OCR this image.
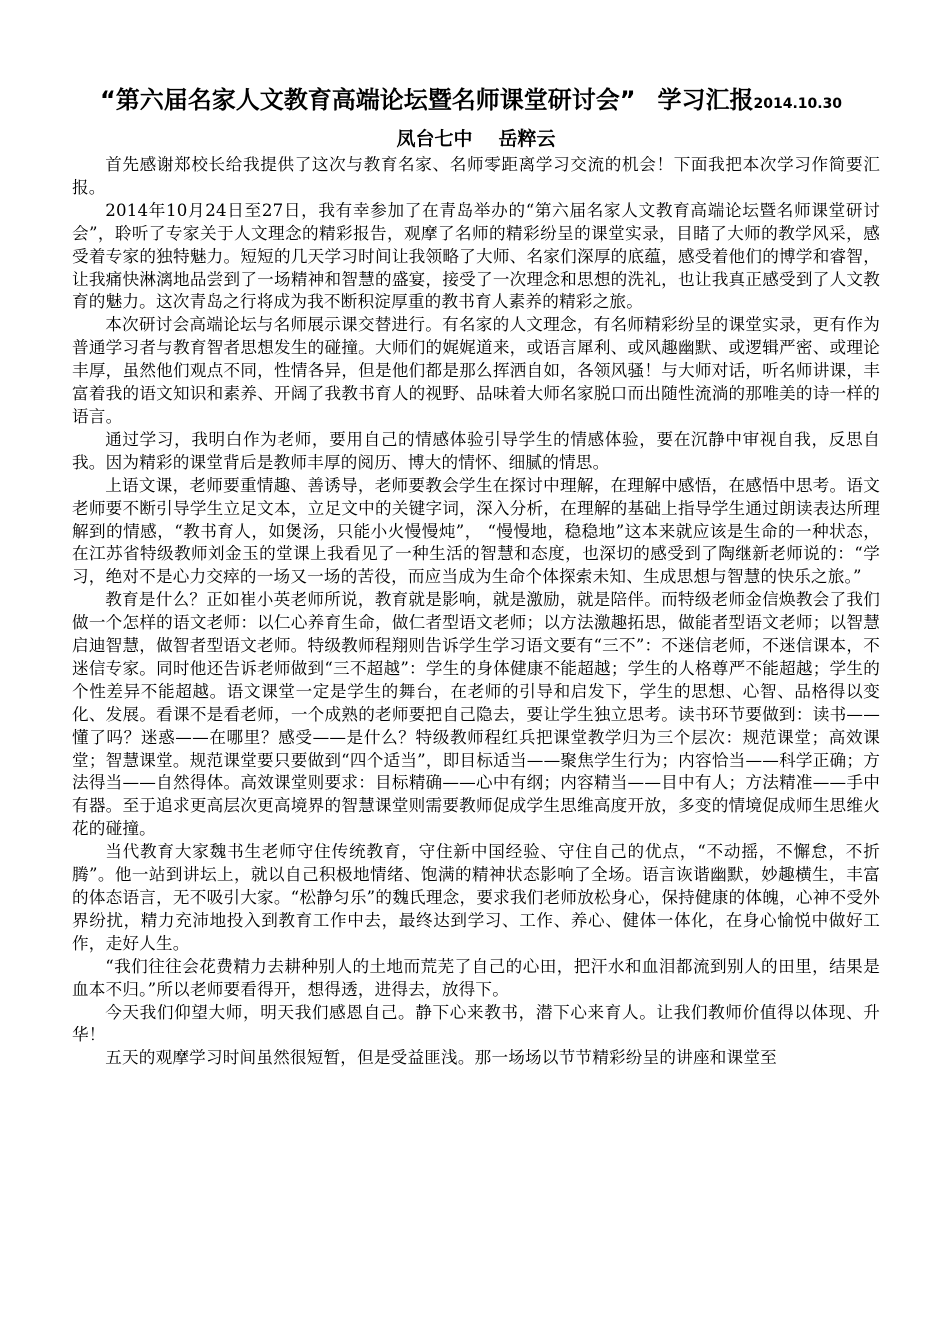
“第六届名家人文教育高端论坛暨名师课堂研讨会” 学习汇报2014.10.30
凤台七中 岳粹云

首先感谢郑校长给我提供了这次与教育名家、名师零距离学习交流的机会！下面我把本次学习作简要汇报。

2014年10月24日至27日，我有幸参加了在青岛举办的“第六届名家人文教育高端论坛暨名师课堂研讨会”，聆听了专家关于人文理念的精彩报告，观摩了名师的精彩纷呈的课堂实录，目睹了大师的教学风采，感受着专家的独特魅力。短短的几天学习时间让我领略了大师、名家们深厚的底蕴，感受着他们的博学和睿智，让我痛快淋漓地品尝到了一场精神和智慧的盛宴，接受了一次理念和思想的洗礼，也让我真正感受到了人文教育的魅力。这次青岛之行将成为我不断积淀厚重的教书育人素养的精彩之旅。

本次研讨会高端论坛与名师展示课交替进行。有名家的人文理念，有名师精彩纷呈的课堂实录，更有作为普通学习者与教育智者思想发生的碰撞。大师们的娓娓道来，或语言犀利、或风趣幽默、或逻辑严密、或理论丰厚，虽然他们观点不同，性情各异，但是他们都是那么挥洒自如，各领风骚！与大师对话，听名师讲课，丰富着我的语文知识和素养、开阔了我教书育人的视野、品味着大师名家脱口而出随性流淌的那唯美的诗一样的语言。

通过学习，我明白作为老师，要用自己的情感体验引导学生的情感体验，要在沉静中审视自我，反思自我。因为精彩的课堂背后是教师丰厚的阅历、博大的情怀、细腻的情思。

上语文课，老师要重情趣、善诱导，老师要教会学生在探讨中理解，在理解中感悟，在感悟中思考。语文老师要不断引导学生立足文本，立足文中的关键字词，深入分析，在理解的基础上指导学生通过朗读表达所理解到的情感，“教书育人，如煲汤，只能小火慢慢炖”， “慢慢地，稳稳地”这本来就应该是生命的一种状态，在江苏省特级教师刘金玉的堂课上我看见了一种生活的智慧和态度，也深切的感受到了陶继新老师说的：“学习，绝对不是心力交瘁的一场又一场的苦役，而应当成为生命个体探索未知、生成思想与智慧的快乐之旅。”

教育是什么？正如崔小英老师所说，教育就是影响，就是激励，就是陪伴。而特级老师金信焕教会了我们做一个怎样的语文老师：以仁心养育生命，做仁者型语文老师；以方法激趣拓思，做能者型语文老师；以智慧启迪智慧，做智者型语文老师。特级教师程翔则告诉学生学习语文要有“三不”：不迷信老师，不迷信课本，不迷信专家。同时他还告诉老师做到“三不超越”：学生的身体健康不能超越；学生的人格尊严不能超越；学生的个性差异不能超越。语文课堂一定是学生的舞台，在老师的引导和启发下，学生的思想、心智、品格得以变化、发展。看课不是看老师，一个成熟的老师要把自己隐去，要让学生独立思考。读书环节要做到：读书——懂了吗？迷惑——在哪里？感受——是什么？特级教师程红兵把课堂教学归为三个层次：规范课堂；高效课堂；智慧课堂。规范课堂要只要做到“四个适当”，即目标适当——聚焦学生行为；内容恰当——科学正确；方法得当——自然得体。高效课堂则要求：目标精确——心中有纲；内容精当——目中有人；方法精准——手中有器。至于追求更高层次更高境界的智慧课堂则需要教师促成学生思维高度开放，多变的情境促成师生思维火花的碰撞。

当代教育大家魏书生老师守住传统教育，守住新中国经验、守住自己的优点，“不动摇，不懈怠，不折腾”。他一站到讲坛上，就以自己积极地情绪、饱满的精神状态影响了全场。语言诙谐幽默，妙趣横生，丰富的体态语言，无不吸引大家。“松静匀乐”的魏氏理念，要求我们老师放松身心，保持健康的体魄，心神不受外界纷扰，精力充沛地投入到教育工作中去，最终达到学习、工作、养心、健体一体化，在身心愉悦中做好工作，走好人生。

“我们往往会花费精力去耕种别人的土地而荒芜了自己的心田，把汗水和血泪都流到别人的田里，结果是血本不归。”所以老师要看得开，想得透，进得去，放得下。

今天我们仰望大师，明天我们感恩自己。静下心来教书，潜下心来育人。让我们教师价值得以体现、升华！

五天的观摩学习时间虽然很短暂，但是受益匪浅。那一场场以节节精彩纷呈的讲座和课堂至
